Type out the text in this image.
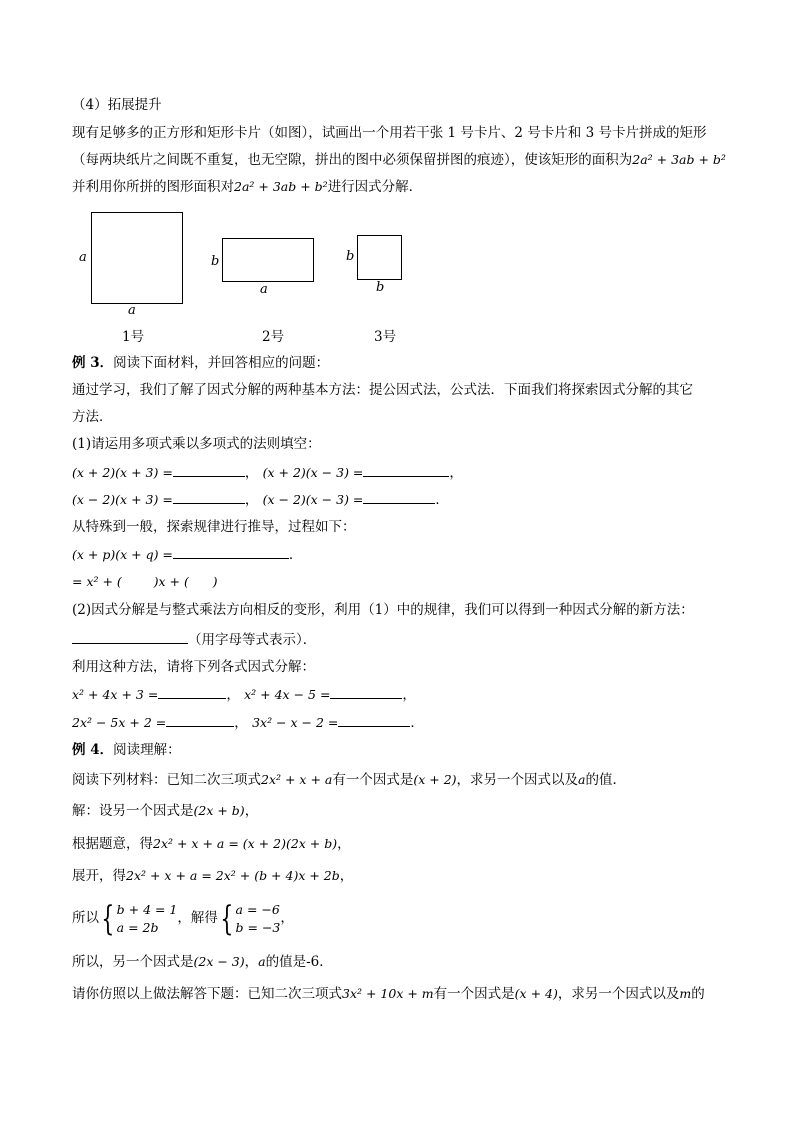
（4）拓展提升
现有足够多的正方形和矩形卡片（如图），试画出一个用若干张 1 号卡片、2 号卡片和 3 号卡片拼成的矩形
（每两块纸片之间既不重复，也无空隙，拼出的图中必须保留拼图的痕迹），使该矩形的面积为2a² + 3ab + b²
并利用你所拼的图形面积对2a² + 3ab + b²进行因式分解．
a
a
1号
b
a
2号
b
b
3号
例 3．阅读下面材料，并回答相应的问题：
通过学习，我们了解了因式分解的两种基本方法：提公因式法，公式法．下面我们将探索因式分解的其它
方法．
(1)请运用多项式乘以多项式的法则填空：
(x + 2)(x + 3) =	， (x + 2)(x − 3) =	，
(x − 2)(x + 3) =	， (x − 2)(x − 3) =	．
从特殊到一般，探索规律进行推导，过程如下：
(x + p)(x + q) =	．
= x² + (        )x + (      )
(2)因式分解是与整式乘法方向相反的变形，利用（1）中的规律，我们可以得到一种因式分解的新方法：
（用字母等式表示）．
利用这种方法，请将下列各式因式分解：
x² + 4x + 3 =	， x² + 4x − 5 =	，
2x² − 5x + 2 =	， 3x² − x − 2 =	．
例 4．阅读理解：
阅读下列材料：已知二次三项式2x² + x + a有一个因式是(x + 2)，求另一个因式以及a的值．
解：设另一个因式是(2x + b)，
根据题意，得2x² + x + a = (x + 2)(2x + b)，
展开，得2x² + x + a = 2x² + (b + 4)x + 2b，
所以{ b + 4 = 1
a = 2b，解得{ a = −6
b = −3，
所以，另一个因式是(2x − 3)，a的值是-6．
请你仿照以上做法解答下题：已知二次三项式3x² + 10x + m有一个因式是(x + 4)，求另一个因式以及m的
